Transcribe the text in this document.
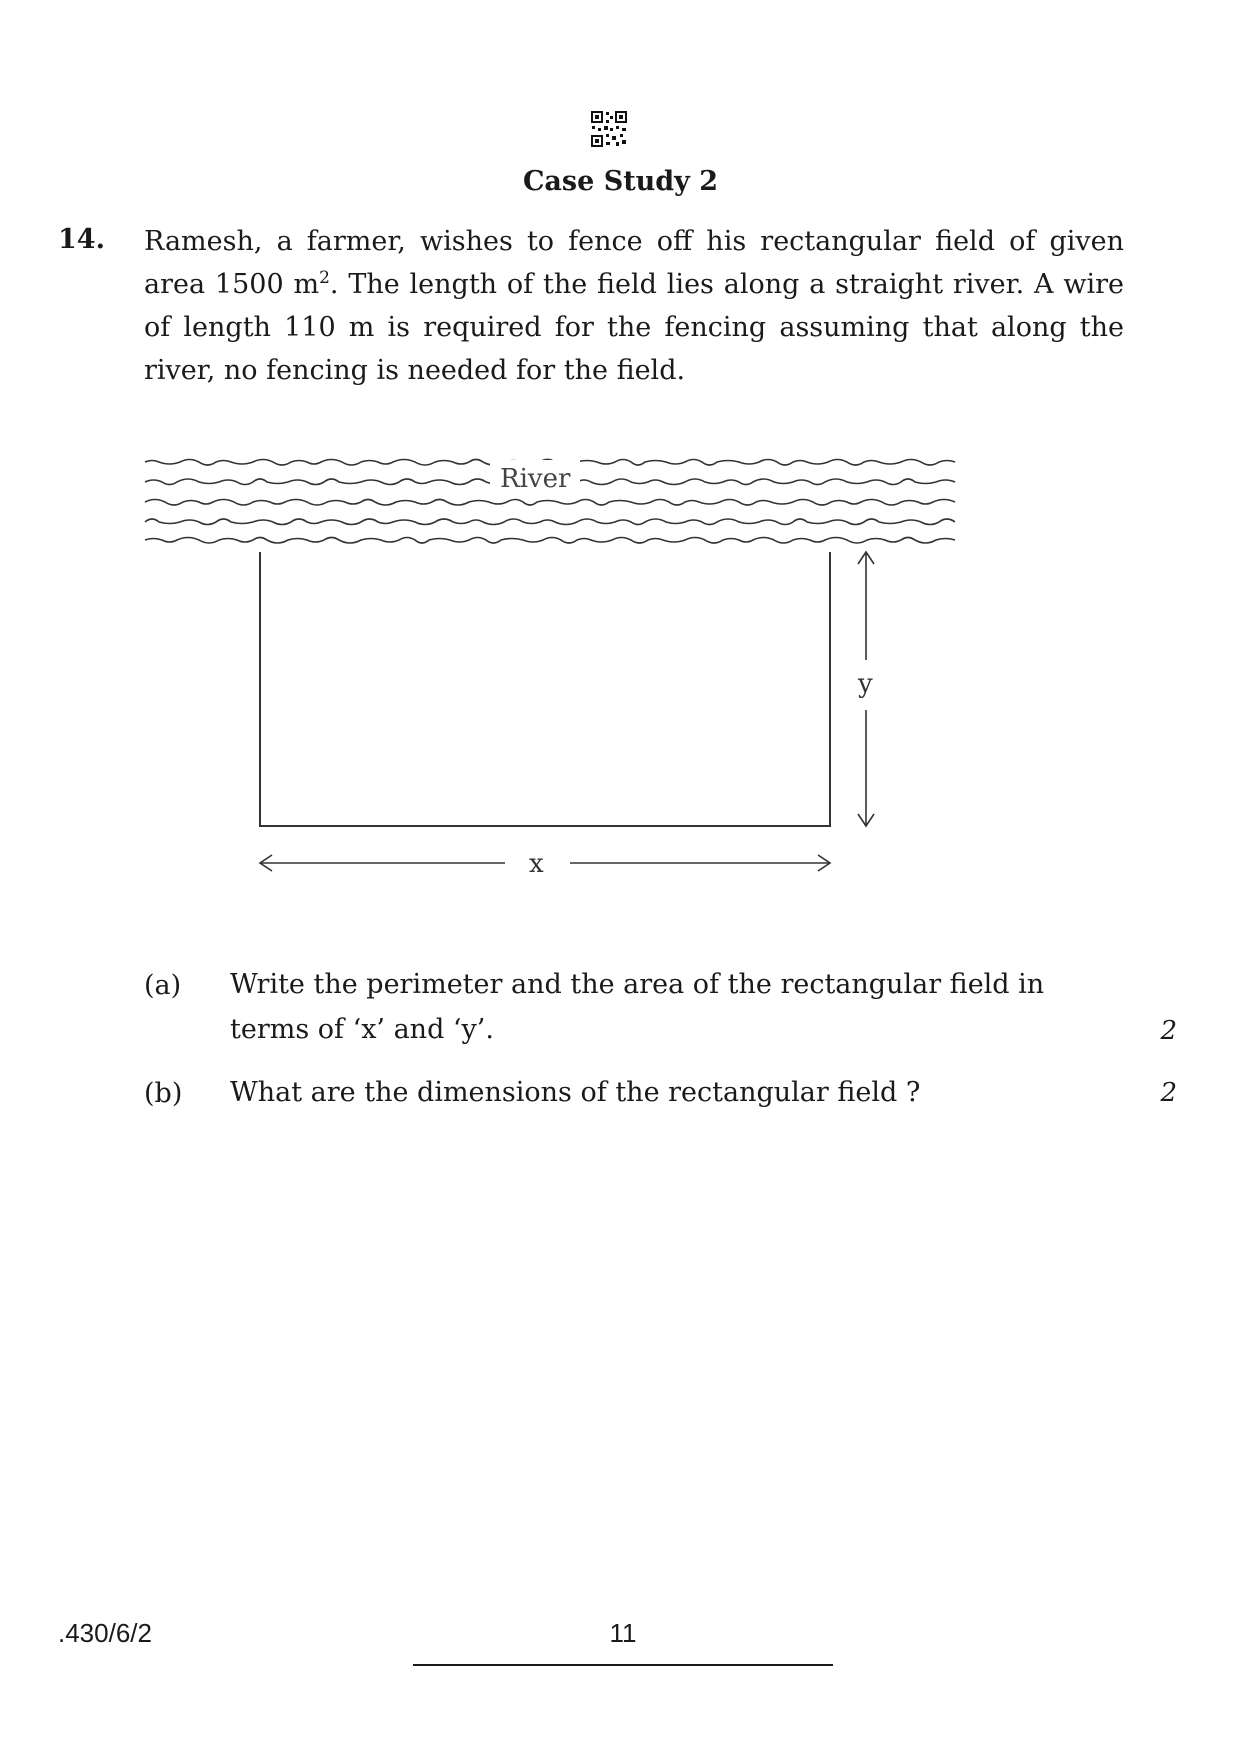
Case Study 2
14. Ramesh, a farmer, wishes to fence off his rectangular field of given area 1500 $m^2$. The length of the field lies along a straight river. A wire of length 110 m is required for the fencing assuming that along the river, no fencing is needed for the field.
River
y
x
(a) Write the perimeter and the area of the rectangular field in terms of ‘x’ and ‘y’.	2
(b) What are the dimensions of the rectangular field ?	2
.430/6/2	11
